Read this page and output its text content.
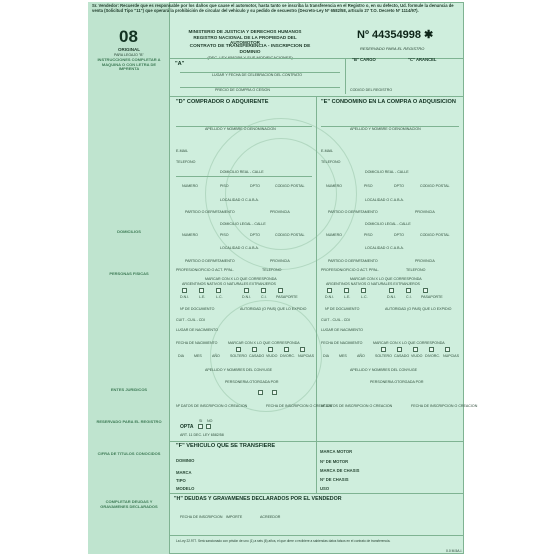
Sr. Vendedor: Recuerde que es responsable por los daños que cause el automotor, hasta tanto se inscriba la transferencia en el Registro o, en su defecto, Ud. formule la denuncia de venta (Solicitud Tipo "11") que operará la prohibición de circular del vehículo y su pedido de secuestro (Decreto-Ley Nº 6582/58, artículo 27 T.O. Decreto Nº 1114/97).
08
ORIGINAL
PARA LEGAJO "B"
MINISTERIO DE JUSTICIA Y DERECHOS HUMANOS
REGISTRO NACIONAL DE LA PROPIEDAD DEL AUTOMOTOR
CONTRATO DE TRANSFERENCIA - INSCRIPCION DE DOMINIO
(DEC. LEY 6582/58 Y SUS MODIFICACIONES)
Nº 44354998 ✱
RESERVADO PARA EL REGISTRO
"A"
"B" CARGO	"C" ARANCEL
LUGAR Y FECHA DE CELEBRACION DEL CONTRATO
PRECIO DE COMPRA O CESION	CODIGO DEL REGISTRO
"D" COMPRADOR O ADQUIRENTE	"E" CONDOMINO EN LA COMPRA O ADQUISICION
APELLIDO Y NOMBRE O DENOMINACION
E-MAIL
TELEFONO
DOMICILIO REAL - CALLE
NUMERO	PISO	DPTO	CODIGO POSTAL
LOCALIDAD O C.A.B.A.
PARTIDO O DEPARTAMENTO	PROVINCIA
DOMICILIO LEGAL - CALLE
NUMERO	PISO	DPTO	CODIGO POSTAL
LOCALIDAD O C.A.B.A.
PARTIDO O DEPARTAMENTO	PROVINCIA
PROFESION/OFICIO O ACT. PPAL.	TELEFONO
MARCAR CON X LO QUE CORRESPONDA
ARGENTINOS NATIVOS O NATURALES EXTRANJEROS
D.N.I.	L.E.	L.C.	D.N.I.	C.I.	PASAPORTE
Nº DE DOCUMENTO	AUTORIDAD (O PAIS) QUE LO EXPIDIO
CUIT - CUIL - CDI
LUGAR DE NACIMIENTO
FECHA DE NACIMIENTO	MARCAR CON X LO QUE CORRESPONDA
DIA	MES	AÑO	SOLTERO CASADO VIUDO DIVORC. NUPCIAS
APELLIDO Y NOMBRES DEL CONYUGE
PERSONERIA OTORGADA POR
Nº DATOS DE INSCRIPCION O CREACION	FECHA DE INSCRIPCION O CREACION
OPTA
SI NO
ART. 11 DEC. LEY 6582/58
APELLIDO Y NOMBRE O DENOMINACION
E-MAIL
TELEFONO
DOMICILIO REAL - CALLE
NUMERO	PISO	DPTO	CODIGO POSTAL
LOCALIDAD O C.A.B.A.
PARTIDO O DEPARTAMENTO	PROVINCIA
DOMICILIO LEGAL - CALLE
NUMERO	PISO	DPTO	CODIGO POSTAL
LOCALIDAD O C.A.B.A.
PARTIDO O DEPARTAMENTO	PROVINCIA
PROFESION/OFICIO O ACT. PPAL.	TELEFONO
MARCAR CON X LO QUE CORRESPONDA
ARGENTINOS NATIVOS O NATURALES EXTRANJEROS
D.N.I.	L.E.	L.C.	D.N.I.	C.I.	PASAPORTE
Nº DE DOCUMENTO	AUTORIDAD (O PAIS) QUE LO EXPIDIO
CUIT - CUIL - CDI
LUGAR DE NACIMIENTO
FECHA DE NACIMIENTO	MARCAR CON X LO QUE CORRESPONDA
DIA	MES	AÑO	SOLTERO CASADO VIUDO DIVORC. NUPCIAS
APELLIDO Y NOMBRES DEL CONYUGE
PERSONERIA OTORGADA POR
Nº DATOS DE INSCRIPCION O CREACION	FECHA DE INSCRIPCION O CREACION
"F" VEHICULO QUE SE TRANSFIERE
DOMINIO
MARCA
TIPO
MODELO
MARCA MOTOR
Nº DE MOTOR
MARCA DE CHASIS
Nº DE CHASIS
USO
"H" DEUDAS Y GRAVAMENES DECLARADOS POR EL VENDEDOR
FECHA DE INSCRIPCION IMPORTE	ACREEDOR
La Ley 22.977. Será sancionado con prisión de uno (1) a seis (6) años, el que diere o recibiere a sabiendas datos falsos en el contrato de transferencia.
0.0 M.5A.I.
INSTRUCCIONES COMPLETAR A MAQUINA O CON LETRA DE IMPRENTA
DOMICILIOS
PERSONAS FISICAS
ENTES JURIDICOS
RESERVADO PARA EL REGISTRO
CIFRA DE TITULOS CONOCIDOS
COMPLETAR DEUDAS Y GRAVAMENES DECLARADOS
